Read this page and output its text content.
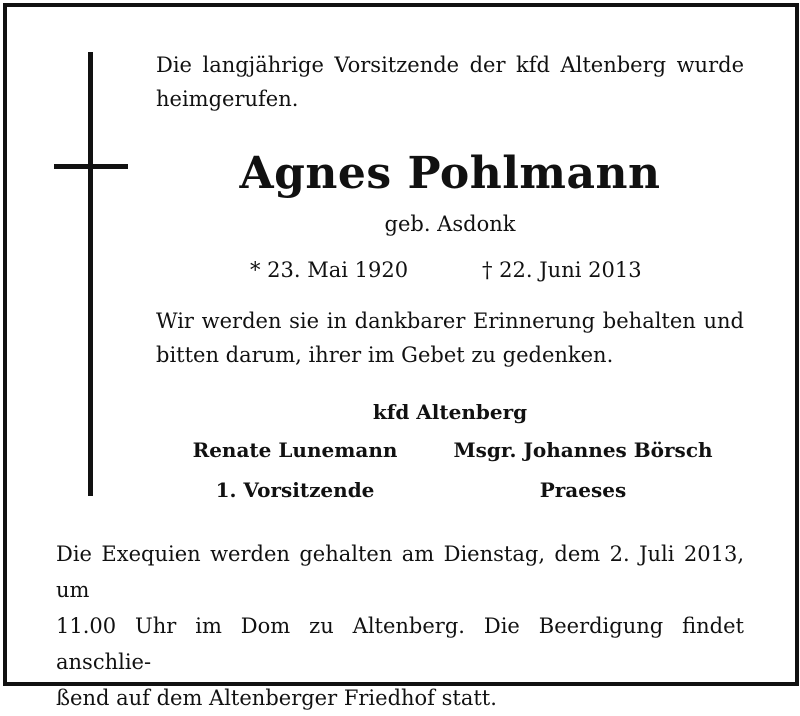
Die langjährige Vorsitzende der kfd Altenberg wurde
heimgerufen.
Agnes Pohlmann
geb. Asdonk
* 23. Mai 1920	† 22. Juni 2013
Wir werden sie in dankbarer Erinnerung behalten und
bitten darum, ihrer im Gebet zu gedenken.
kfd Altenberg
Renate Lunemann	Msgr. Johannes Börsch
1. Vorsitzende	Praeses
Die Exequien werden gehalten am Dienstag, dem 2. Juli 2013, um
11.00 Uhr im Dom zu Altenberg. Die Beerdigung findet anschlie-
ßend auf dem Altenberger Friedhof statt.
